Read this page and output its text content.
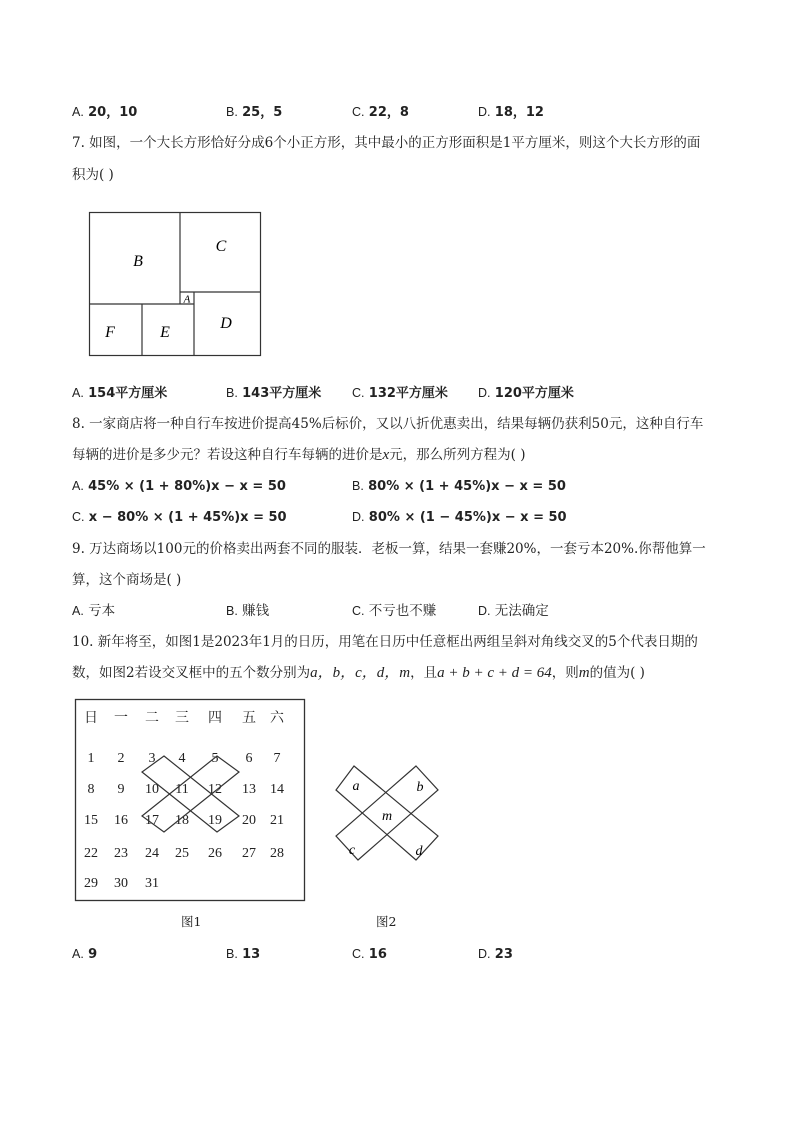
A. 20，10	B. 25，5	C. 22，8	D. 18，12
7. 如图，一个大长方形恰好分成6个小正方形，其中最小的正方形面积是1平方厘米，则这个大长方形的面
积为( )
B
C
A
D
F	E
A. 154平方厘米	B. 143平方厘米 C. 132平方厘米 D. 120平方厘米
8. 一家商店将一种自行车按进价提高45%后标价，又以八折优惠卖出，结果每辆仍获利50元，这种自行车
每辆的进价是多少元？若设这种自行车每辆的进价是x元，那么所列方程为( )
A. 45% × (1 + 80%)x − x = 50	B. 80% × (1 + 45%)x − x = 50
C. x − 80% × (1 + 45%)x = 50	D. 80% × (1 − 45%)x − x = 50
9. 万达商场以100元的价格卖出两套不同的服装．老板一算，结果一套赚20%，一套亏本20%.你帮他算一
算，这个商场是( )
A. 亏本	B. 赚钱	C. 不亏也不赚	D. 无法确定
10. 新年将至，如图1是2023年1月的日历，用笔在日历中任意框出两组呈斜对角线交叉的5个代表日期的
数，如图2若设交叉框中的五个数分别为a，b，c，d，m，且a + b + c + d = 64，则m的值为( )
日 一 二 三 四 五 六
1 2 3 4 5 6 7
8 9 10 11 12 13 14
15 16 17 18 19 20 21
22 23 24 25 26 27 28
29 30 31
a	b
m
c	d
图1	图2
A. 9	B. 13	C. 16	D. 23
